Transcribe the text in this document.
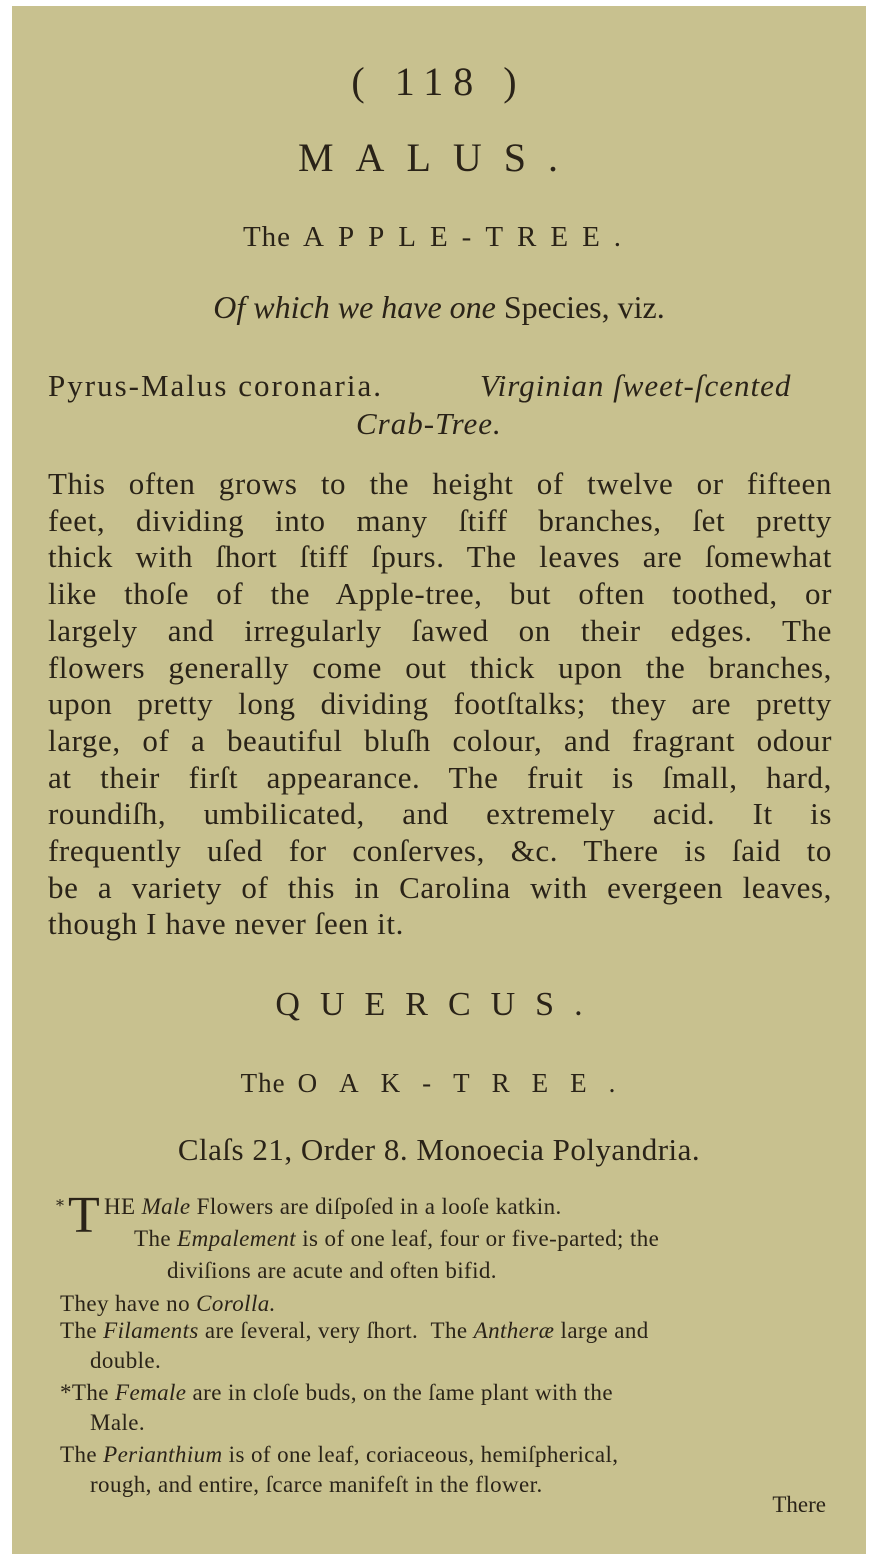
( 118 )
MALUS.
The APPLE-TREE.
Of which we have one Species, viz.
Pyrus-Malus coronaria.	Virginian ſweet-ſcented
Crab-Tree.
This often grows to the height of twelve or fifteen
feet, dividing into many ſtiff branches, ſet pretty
thick with ſhort ſtiff ſpurs. The leaves are ſomewhat
like thoſe of the Apple-tree, but often toothed, or
largely and irregularly ſawed on their edges. The
flowers generally come out thick upon the branches,
upon pretty long dividing footſtalks; they are pretty
large, of a beautiful bluſh colour, and fragrant odour
at their firſt appearance. The fruit is ſmall, hard,
roundiſh, umbilicated, and extremely acid. It is
frequently uſed for conſerves, &c. There is ſaid to
be a variety of this in Carolina with evergeen leaves,
though I have never ſeen it.
QUERCUS.
The OAK-TREE.
Claſs 21, Order 8. Monoecia Polyandria.
* T HE Male Flowers are diſpoſed in a looſe katkin.
The Empalement is of one leaf, four or five-parted; the
diviſions are acute and often bifid.
They have no Corolla.
The Filaments are ſeveral, very ſhort. The Antheræ large and
double.
*The Female are in cloſe buds, on the ſame plant with the
Male.
The Perianthium is of one leaf, coriaceous, hemiſpherical,
rough, and entire, ſcarce manifeſt in the flower.
There
